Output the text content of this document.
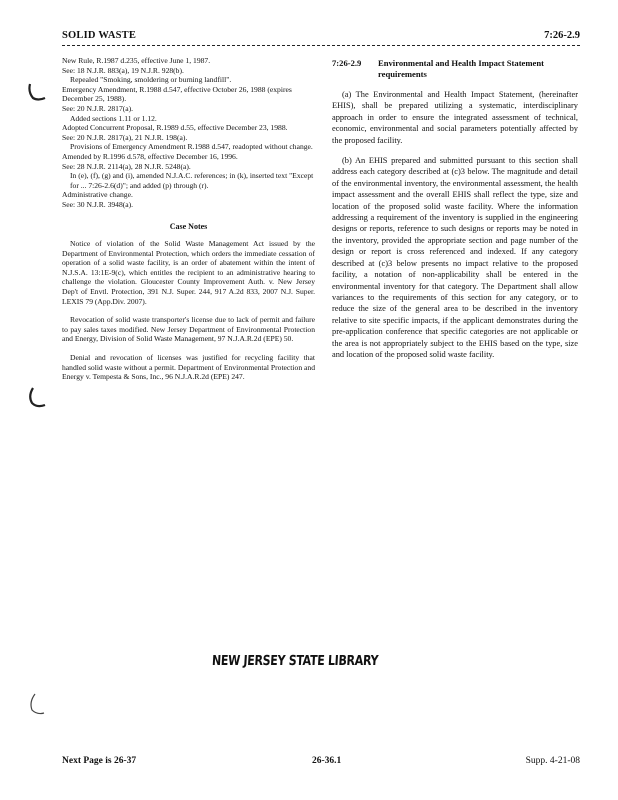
SOLID WASTE	7:26-2.9

New Rule, R.1987 d.235, effective June 1, 1987.

See: 18 N.J.R. 883(a), 19 N.J.R. 928(b).

Repealed "Smoking, smoldering or burning landfill".

Emergency Amendment, R.1988 d.547, effective October 26, 1988 (expires December 25, 1988).

See: 20 N.J.R. 2817(a).

Added sections 1.11 or 1.12.

Adopted Concurrent Proposal, R.1989 d.55, effective December 23, 1988.

See: 20 N.J.R. 2817(a), 21 N.J.R. 198(a).

Provisions of Emergency Amendment R.1988 d.547, readopted without change.

Amended by R.1996 d.578, effective December 16, 1996.

See: 28 N.J.R. 2114(a), 28 N.J.R. 5248(a).

In (e), (f), (g) and (i), amended N.J.A.C. references; in (k), inserted text "Except for ... 7:26-2.6(d)"; and added (p) through (r).

Administrative change.

See: 30 N.J.R. 3948(a).

Case Notes

Notice of violation of the Solid Waste Management Act issued by the Department of Environmental Protection, which orders the immediate cessation of operation of a solid waste facility, is an order of abatement within the intent of N.J.S.A. 13:1E-9(c), which entitles the recipient to an administrative hearing to challenge the violation. Gloucester County Improvement Auth. v. New Jersey Dep't of Envtl. Protection, 391 N.J. Super. 244, 917 A.2d 833, 2007 N.J. Super. LEXIS 79 (App.Div. 2007).

Revocation of solid waste transporter's license due to lack of permit and failure to pay sales taxes modified. New Jersey Department of Environmental Protection and Energy, Division of Solid Waste Management, 97 N.J.A.R.2d (EPE) 50.

Denial and revocation of licenses was justified for recycling facility that handled solid waste without a permit. Department of Environmental Protection and Energy v. Tempesta & Sons, Inc., 96 N.J.A.R.2d (EPE) 247.

7:26-2.9	Environmental and Health Impact Statement requirements

(a) The Environmental and Health Impact Statement, (hereinafter EHIS), shall be prepared utilizing a systematic, interdisciplinary approach in order to ensure the integrated assessment of technical, economic, environmental and social parameters potentially affected by the proposed facility.

(b) An EHIS prepared and submitted pursuant to this section shall address each category described at (c)3 below. The magnitude and detail of the environmental inventory, the environmental assessment, the health impact assessment and the overall EHIS shall reflect the type, size and location of the proposed solid waste facility. Where the information addressing a requirement of the inventory is supplied in the engineering designs or reports, reference to such designs or reports may be noted in the inventory, provided the appropriate section and page number of the design or report is cross referenced and indexed. If any category described at (c)3 below presents no impact relative to the proposed facility, a notation of non-applicability shall be entered in the environmental inventory for that category. The Department shall allow variances to the requirements of this section for any category, or to reduce the size of the general area to be described in the inventory relative to site specific impacts, if the applicant demonstrates during the pre-application conference that specific categories are not applicable or the area is not appropriately subject to the EHIS based on the type, size and location of the proposed solid waste facility.

NEW JERSEY STATE LIBRARY
Next Page is 26-37	26-36.1	Supp. 4-21-08
